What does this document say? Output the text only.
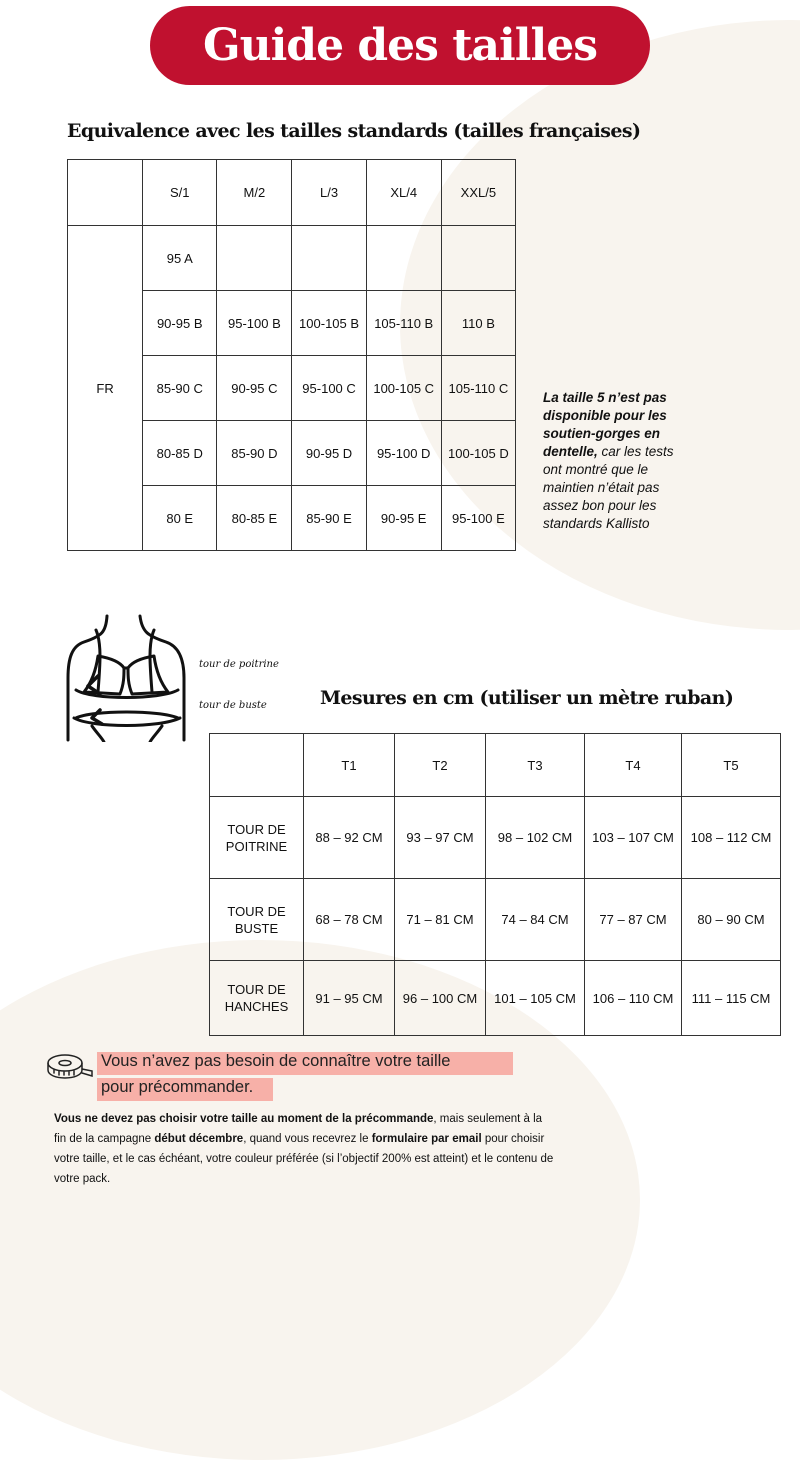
Guide des tailles
Equivalence avec les tailles standards (tailles françaises)
	S/1	M/2	L/3	XL/4	XXL/5
FR	95 A				
	90-95 B	95-100 B	100-105 B	105-110 B	110 B
	85-90 C	90-95 C	95-100 C	100-105 C	105-110 C
	80-85 D	85-90 D	90-95 D	95-100 D	100-105 D
	80 E	80-85 E	85-90 E	90-95 E	95-100 E
La taille 5 n’est pas disponible pour les soutien-gorges en dentelle, car les tests ont montré que le maintien n’était pas assez bon pour les standards Kallisto
tour de poitrine
tour de buste	Mesures en cm (utiliser un mètre ruban)
	T1	T2	T3	T4	T5
TOUR DE POITRINE	88 – 92 CM	93 – 97 CM	98 – 102 CM	103 – 107 CM	108 – 112 CM
TOUR DE BUSTE	68 – 78 CM	71 – 81 CM	74 – 84 CM	77 – 87 CM	80 – 90 CM
TOUR DE HANCHES	91 – 95 CM	96 – 100 CM	101 – 105 CM	106 – 110 CM	111 – 115 CM
Vous n’avez pas besoin de connaître votre taille
pour précommander.
Vous ne devez pas choisir votre taille au moment de la précommande, mais seulement à la fin de la campagne début décembre, quand vous recevrez le formulaire par email pour choisir votre taille, et le cas échéant, votre couleur préférée (si l’objectif 200% est atteint) et le contenu de votre pack.
